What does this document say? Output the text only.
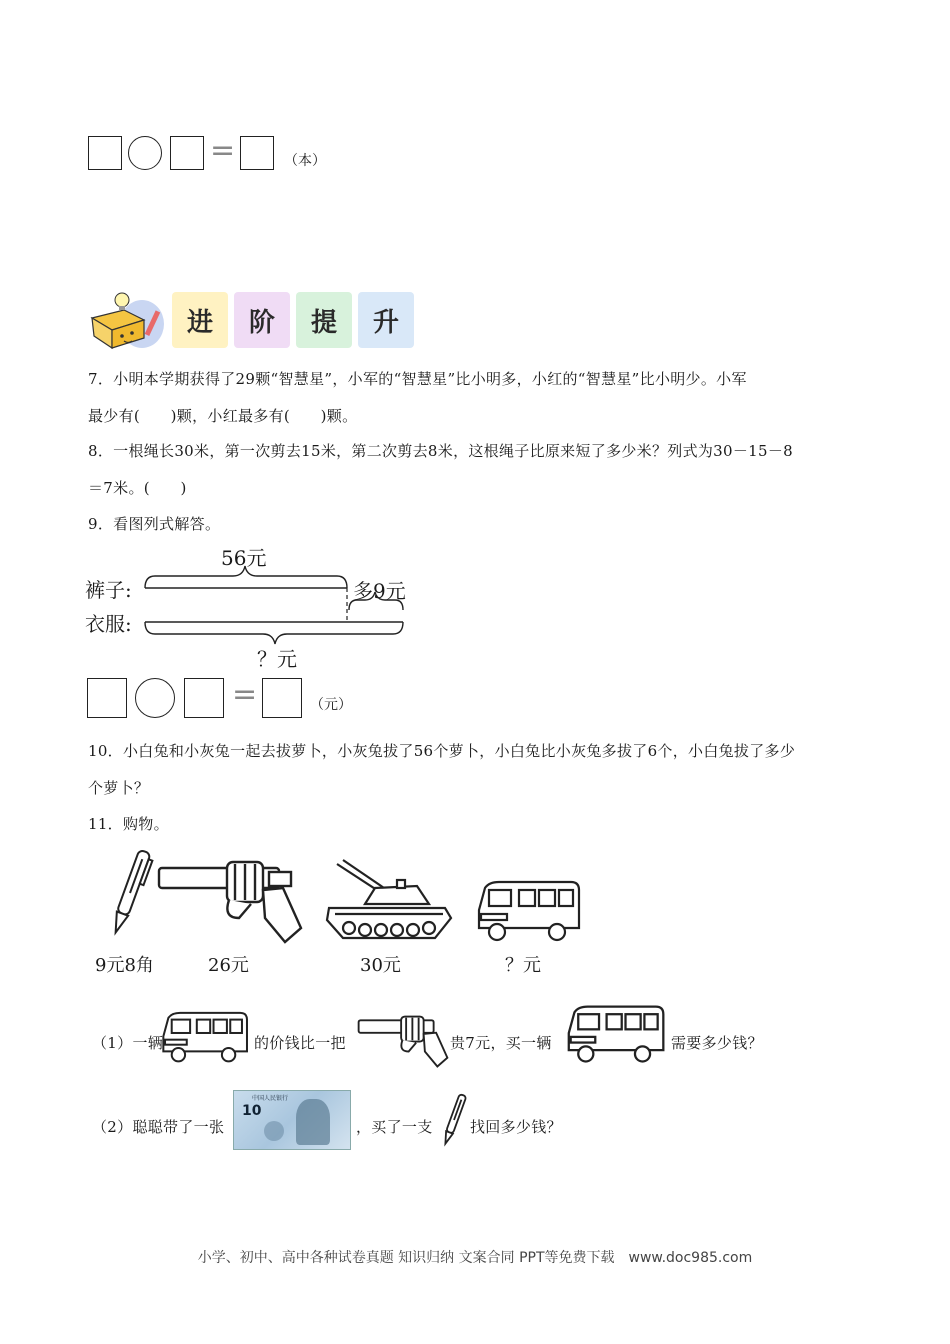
=	（本）
进	阶	提	升
7．小明本学期获得了29颗“智慧星”，小军的“智慧星”比小明多，小红的“智慧星”比小明少。小军
最少有(　　)颗，小红最多有(　　)颗。
8．一根绳长30米，第一次剪去15米，第二次剪去8米，这根绳子比原来短了多少米？列式为30－15－8
＝7米。(　　)
9．看图列式解答。
56元
裤子:	多9元
衣服:
？元
=	（元）
10．小白兔和小灰兔一起去拔萝卜，小灰兔拔了56个萝卜，小白兔比小灰兔多拔了6个，小白兔拔了多少
个萝卜？
11．购物。
9元8角	26元	30元	？元
（1）一辆	的价钱比一把	贵7元，买一辆	需要多少钱？
（2）聪聪带了一张
中国人民银行
10
，买了一支 找回多少钱？
小学、初中、高中各种试卷真题 知识归纳 文案合同 PPT等免费下载　www.doc985.com
